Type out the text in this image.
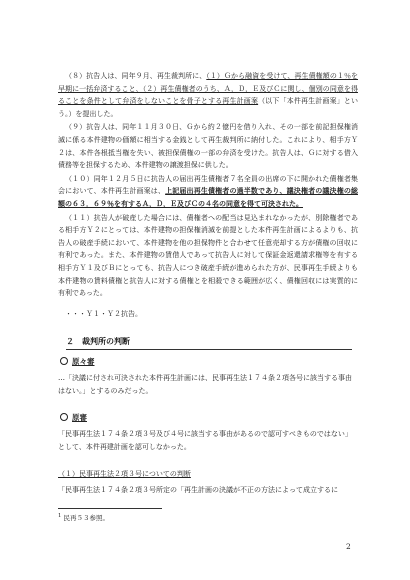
（８）抗告人は、同年９月、再生裁判所に、（１）Ｇから融資を受けて、再生債権額の１％を早期に一括弁済すること、（２）再生債権者のうち、Ａ，Ｄ，Ｅ及びＣに関し、個別の同意を得ることを条件として弁済をしないことを骨子とする再生計画案（以下「本件再生計画案」という。）を提出した。
（９）抗告人は、同年１１月３０日、Ｇから約２億円を借り入れ、その一部を前記担保権消滅に係る本件建物の価額に相当する金銭として再生裁判所に納付した。これにより、相手方Ｙ２は、本件各根抵当権を失い、被担保債権の一部の弁済を受けた。抗告人は、Ｇに対する借入債務等を担保するため、本件建物の譲渡担保に供した。
（１０）同年１２月５日に抗告人の届出再生債権者７名全員の出席の下に開かれた債権者集会において、本件再生計画案は、上記届出再生債権者の過半数であり、議決権者の議決権の総額の６３．６９％を有するＡ，Ｄ，Ｅ及びＣの４名の同意を得て可決された。
（１１）抗告人が破産した場合には、債権者への配当は見込まれなかったが、別除権者である相手方Ｙ２にとっては、本件建物の担保権消滅を前提とした本件再生計画によるよりも、抗告人の破産手続において、本件建物を他の担保物件と合わせて任意売却する方が債権の回収に有利であった。また、本件建物の賃借人であって抗告人に対して保証金返還請求権等を有する相手方Ｙ１及びＢにとっても、抗告人につき破産手続が進められた方が、民事再生手続よりも本件建物の賃料債権と抗告人に対する債権とを相殺できる範囲が広く、債権回収には実質的に有利であった。
・・・Ｙ１・Ｙ２抗告。
２　裁判所の判断
原々審
…「決議に付され可決された本件再生計画には、民事再生法１７４条２項各号に該当する事由はない。」とするのみだった。
原審
「民事再生法１７４条２項３号及び４号に該当する事由があるので認可すべきものではない」として、本件再建計画を認可しなかった。
（１）民事再生法２項３号についての判断
「民事再生法１７４条２項３号所定の「再生計画の決議が不正の方法によって成立するに
$^1$ 民再５３参照。
2
